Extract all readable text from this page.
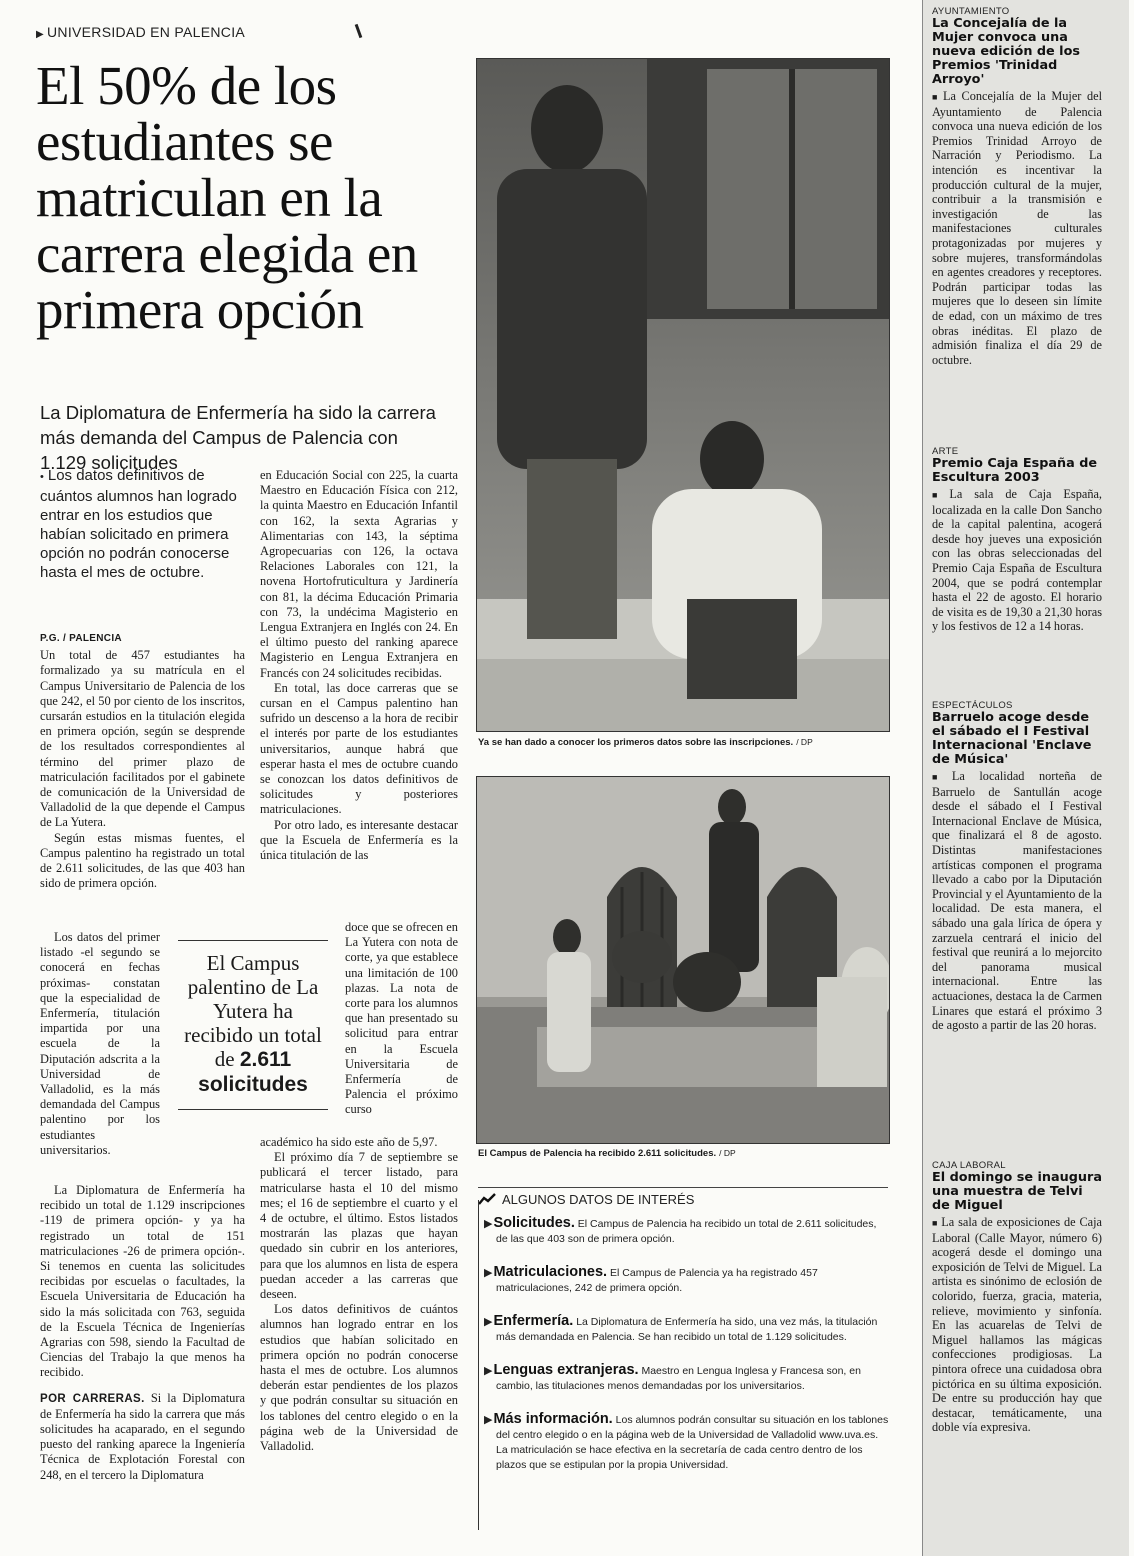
▶ UNIVERSIDAD EN PALENCIA
El 50% de los estudiantes se matriculan en la carrera elegida en primera opción
La Diplomatura de Enfermería ha sido la carrera más demanda del Campus de Palencia con 1.129 solicitudes
• Los datos definitivos de cuántos alumnos han logrado entrar en los estudios que habían solicitado en primera opción no podrán conocerse hasta el mes de octubre.

P.G. / PALENCIA

Un total de 457 estudiantes ha formalizado ya su matrícula en el Campus Universitario de Palencia de los que 242, el 50 por ciento de los inscritos, cursarán estudios en la titulación elegida en primera opción, según se desprende de los resultados correspondientes al término del primer plazo de matriculación facilitados por el gabinete de comunicación de la Universidad de Valladolid de la que depende el Campus de La Yutera.

Según estas mismas fuentes, el Campus palentino ha registrado un total de 2.611 solicitudes, de las que 403 han sido de primera opción.

Los datos del primer listado -el segundo se conocerá en fechas próximas- constatan que la especialidad de Enfermería, titulación impartida por una escuela de la Diputación adscrita a la Universidad de Valladolid, es la más demandada del Campus palentino por los estudiantes universitarios.

La Diplomatura de Enfermería ha recibido un total de 1.129 inscripciones -119 de primera opción- y ya ha registrado un total de 151 matriculaciones -26 de primera opción-. Si tenemos en cuenta las solicitudes recibidas por escuelas o facultades, la Escuela Universitaria de Educación ha sido la más solicitada con 763, seguida de la Escuela Técnica de Ingenierías Agrarias con 598, siendo la Facultad de Ciencias del Trabajo la que menos ha recibido.

POR CARRERAS. Si la Diplomatura de Enfermería ha sido la carrera que más solicitudes ha acaparado, en el segundo puesto del ranking aparece la Ingeniería Técnica de Explotación Forestal con 248, en el tercero la Diplomatura

en Educación Social con 225, la cuarta Maestro en Educación Física con 212, la quinta Maestro en Educación Infantil con 162, la sexta Agrarias y Alimentarias con 143, la séptima Agropecuarias con 126, la octava Relaciones Laborales con 121, la novena Hortofruticultura y Jardinería con 81, la décima Educación Primaria con 73, la undécima Magisterio en Lengua Extranjera en Inglés con 24. En el último puesto del ranking aparece Magisterio en Lengua Extranjera en Francés con 24 solicitudes recibidas.

En total, las doce carreras que se cursan en el Campus palentino han sufrido un descenso a la hora de recibir el interés por parte de los estudiantes universitarios, aunque habrá que esperar hasta el mes de octubre cuando se conozcan los datos definitivos de solicitudes y posteriores matriculaciones.

Por otro lado, es interesante destacar que la Escuela de Enfermería es la única titulación de las

doce que se ofrecen en La Yutera con nota de corte, ya que establece una limitación de 100 plazas. La nota de corte para los alumnos que han presentado su solicitud para entrar en la Escuela Universitaria de Enfermería de Palencia el próximo curso

académico ha sido este año de 5,97.

El próximo día 7 de septiembre se publicará el tercer listado, para matricularse hasta el 10 del mismo mes; el 16 de septiembre el cuarto y el 4 de octubre, el último. Estos listados mostrarán las plazas que hayan quedado sin cubrir en los anteriores, para que los alumnos en lista de espera puedan acceder a las carreras que deseen.

Los datos definitivos de cuántos alumnos han logrado entrar en los estudios que habían solicitado en primera opción no podrán conocerse hasta el mes de octubre. Los alumnos deberán estar pendientes de los plazos y que podrán consultar su situación en los tablones del centro elegido o en la página web de la Universidad de Valladolid.

El Campus palentino de La Yutera ha recibido un total de 2.611 solicitudes
Ya se han dado a conocer los primeros datos sobre las inscripciones. / DP
El Campus de Palencia ha recibido 2.611 solicitudes. / DP
ALGUNOS DATOS DE INTERÉS
▶Solicitudes. El Campus de Palencia ha recibido un total de 2.611 solicitudes, de las que 403 son de primera opción.
▶Matriculaciones. El Campus de Palencia ya ha registrado 457 matriculaciones, 242 de primera opción.
▶Enfermería. La Diplomatura de Enfermería ha sido, una vez más, la titulación más demandada en Palencia. Se han recibido un total de 1.129 solicitudes.
▶Lenguas extranjeras. Maestro en Lengua Inglesa y Francesa son, en cambio, las titulaciones menos demandadas por los universitarios.
▶Más información. Los alumnos podrán consultar su situación en los tablones del centro elegido o en la página web de la Universidad de Valladolid www.uva.es. La matriculación se hace efectiva en la secretaría de cada centro dentro de los plazos que se estipulan por la propia Universidad.
AYUNTAMIENTO
La Concejalía de la Mujer convoca una nueva edición de los Premios 'Trinidad Arroyo'
■ La Concejalía de la Mujer del Ayuntamiento de Palencia convoca una nueva edición de los Premios Trinidad Arroyo de Narración y Periodismo. La intención es incentivar la producción cultural de la mujer, contribuir a la transmisión e investigación de las manifestaciones culturales protagonizadas por mujeres y sobre mujeres, transformándolas en agentes creadores y receptores. Podrán participar todas las mujeres que lo deseen sin límite de edad, con un máximo de tres obras inéditas. El plazo de admisión finaliza el día 29 de octubre.
ARTE
Premio Caja España de Escultura 2003
■ La sala de Caja España, localizada en la calle Don Sancho de la capital palentina, acogerá desde hoy jueves una exposición con las obras seleccionadas del Premio Caja España de Escultura 2004, que se podrá contemplar hasta el 22 de agosto. El horario de visita es de 19,30 a 21,30 horas y los festivos de 12 a 14 horas.
ESPECTÁCULOS
Barruelo acoge desde el sábado el I Festival Internacional 'Enclave de Música'
■ La localidad norteña de Barruelo de Santullán acoge desde el sábado el I Festival Internacional Enclave de Música, que finalizará el 8 de agosto. Distintas manifestaciones artísticas componen el programa llevado a cabo por la Diputación Provincial y el Ayuntamiento de la localidad. De esta manera, el sábado una gala lírica de ópera y zarzuela centrará el inicio del festival que reunirá a lo mejorcito del panorama musical internacional. Entre las actuaciones, destaca la de Carmen Linares que estará el próximo 3 de agosto a partir de las 20 horas.
CAJA LABORAL
El domingo se inaugura una muestra de Telvi de Miguel
■ La sala de exposiciones de Caja Laboral (Calle Mayor, número 6) acogerá desde el domingo una exposición de Telvi de Miguel. La artista es sinónimo de eclosión de colorido, fuerza, gracia, materia, relieve, movimiento y sinfonía. En las acuarelas de Telvi de Miguel hallamos las mágicas confecciones prodigiosas. La pintora ofrece una cuidadosa obra pictórica en su última exposición. De entre su producción hay que destacar, temáticamente, una doble vía expresiva.
